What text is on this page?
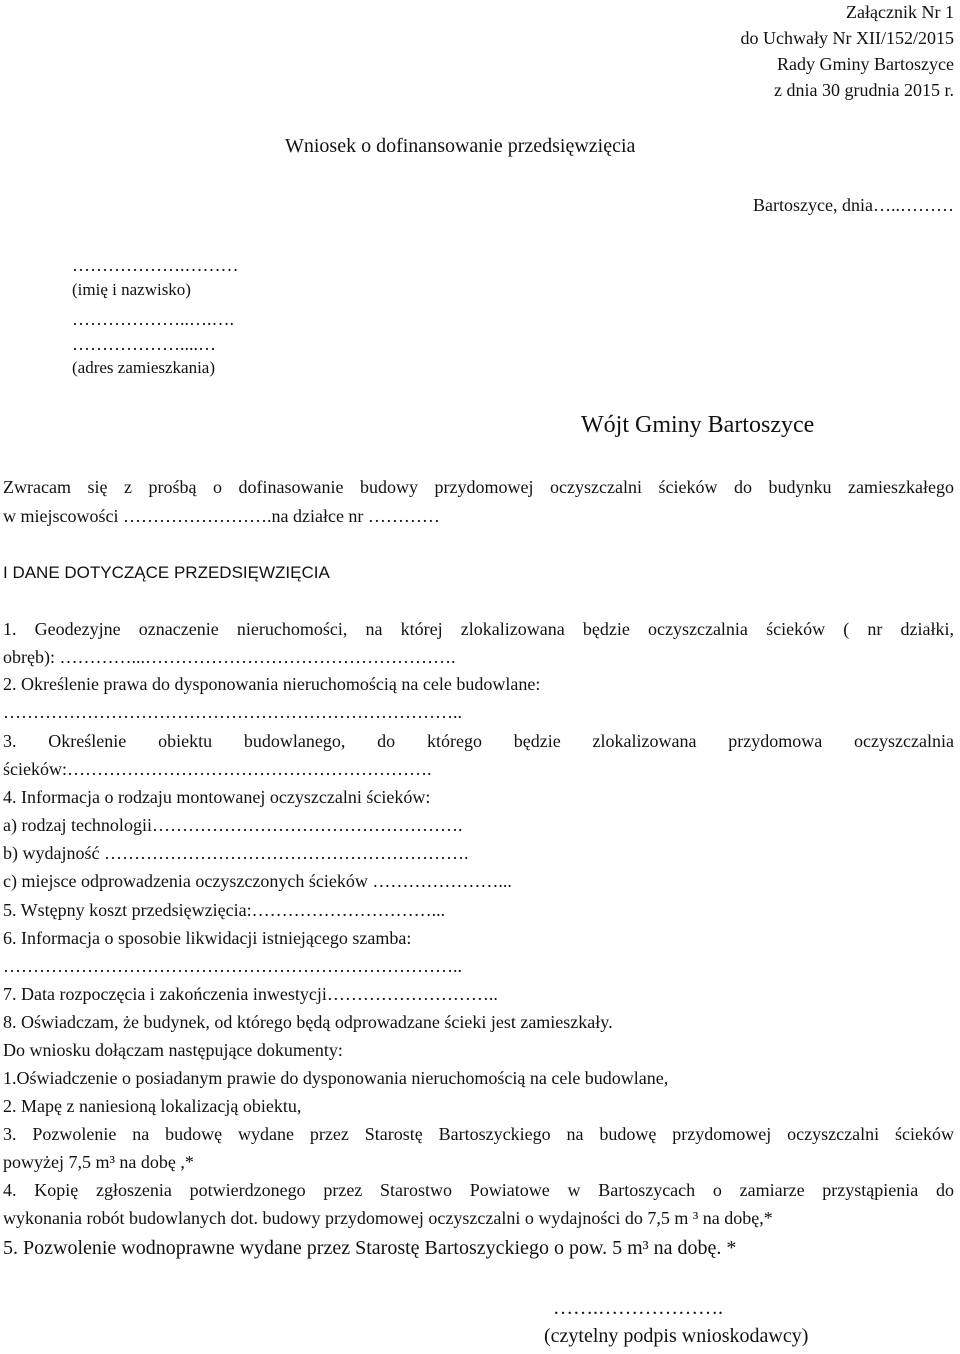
Załącznik Nr 1
do Uchwały Nr XII/152/2015
Rady Gminy Bartoszyce
z dnia 30 grudnia 2015 r.
Wniosek o dofinansowanie przedsięwzięcia
Bartoszyce, dnia…..………
……………….………
(imię i nazwisko)
………………..….….
………………....…
(adres zamieszkania)
Wójt Gminy Bartoszyce
Zwracam się z prośbą o dofinasowanie budowy przydomowej oczyszczalni ścieków do budynku zamieszkałego
w miejscowości …………………….na działce nr …………
I DANE DOTYCZĄCE PRZEDSIĘWZIĘCIA
1. Geodezyjne oznaczenie nieruchomości, na której zlokalizowana będzie oczyszczalnia ścieków ( nr działki,
obręb): …………...…………………………………………….
2. Określenie prawa do dysponowania nieruchomością na cele budowlane:
…………………………………………………………………..
3. Określenie obiektu budowlanego, do którego będzie zlokalizowana przydomowa oczyszczalnia
ścieków:…………………………………………………….
4. Informacja o rodzaju montowanej oczyszczalni ścieków:
a) rodzaj technologii…………………………………………….
b) wydajność …………………………………………………….
c) miejsce odprowadzenia oczyszczonych ścieków …………………...
5. Wstępny koszt przedsięwzięcia:…………………………...
6. Informacja o sposobie likwidacji istniejącego szamba:
…………………………………………………………………..
7. Data rozpoczęcia i zakończenia inwestycji………………………..
8. Oświadczam, że budynek, od którego będą odprowadzane ścieki jest zamieszkały.
Do wniosku dołączam następujące dokumenty:
1.Oświadczenie o posiadanym prawie do dysponowania nieruchomością na cele budowlane,
2. Mapę z naniesioną lokalizacją obiektu,
3. Pozwolenie na budowę wydane przez Starostę Bartoszyckiego na budowę przydomowej oczyszczalni ścieków
powyżej 7,5 m³ na dobę ,*
4. Kopię zgłoszenia potwierdzonego przez Starostwo Powiatowe w Bartoszycach o zamiarze przystąpienia do
wykonania robót budowlanych dot. budowy przydomowej oczyszczalni o wydajności do 7,5 m ³ na dobę,*
5. Pozwolenie wodnoprawne wydane przez Starostę Bartoszyckiego o pow. 5 m³ na dobę. *
…….……………….
(czytelny podpis wnioskodawcy)
